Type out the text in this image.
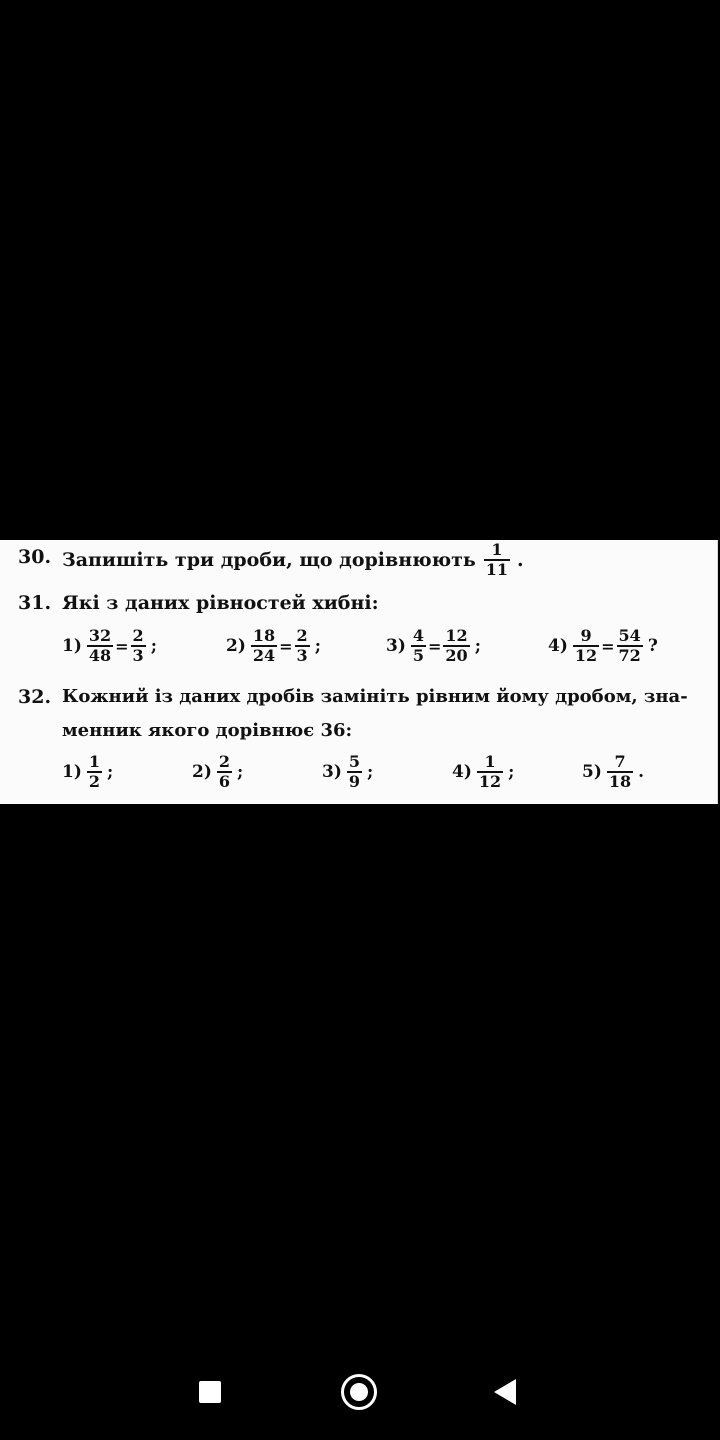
30. Запишіть три дроби, що дорівнюють $\frac{1}{11}$ .
31. Які з даних рівностей хибні:
$1) \frac{32}{48} = \frac{2}{3}$ ;	$2) \frac{18}{24} = \frac{2}{3}$ ;	$3) \frac{4}{5} = \frac{12}{20}$ ;	$4) \frac{9}{12} = \frac{54}{72}$ ?
32. Кожний із даних дробів замініть рівним йому дробом, зна-
менник якого дорівнює 36:
$1) \frac{1}{2}$ ;	$2) \frac{2}{6}$ ;	$3) \frac{5}{9}$ ;	$4) \frac{1}{12}$ ;	$5) \frac{7}{18}$ .
